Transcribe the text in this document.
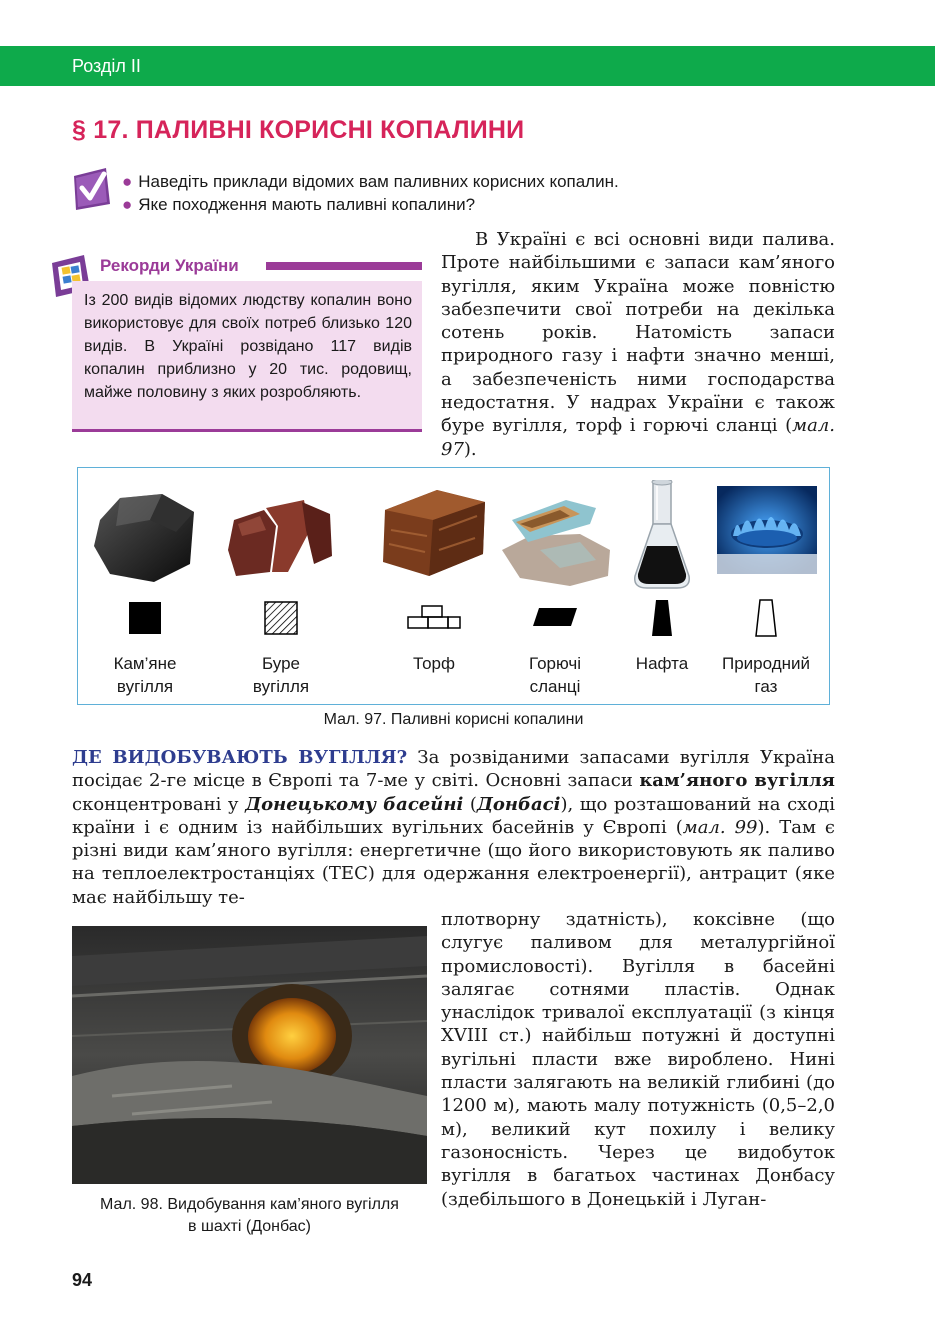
Розділ II
§ 17. ПАЛИВНІ КОРИСНІ КОПАЛИНИ
● Наведіть приклади відомих вам паливних корисних копалин.
● Яке походження мають паливні копалини?
Рекорди України

Із 200 видів відомих людству копалин воно використовує для своїх потреб близько 120 видів. В Україні розвідано 117 видів копалин приблизно у 20 тис. родовищ, майже половину з яких розробляють.

В Україні є всі основні види палива. Проте найбільшими є запаси кам’яного вугілля, яким Україна може повністю забезпечити свої потреби на декілька сотень років. Натомість запаси природного газу і нафти значно менші, а забезпеченість ними господарства недостатня. У надрах України є також буре вугілля, торф і горючі сланці (мал. 97).
Кам’яне
вугілля
Буре
вугілля
Торф	Горючі
сланці
Нафта	Природний
газ
Мал. 97. Паливні корисні копалини
ДЕ ВИДОБУВАЮТЬ ВУГІЛЛЯ? За розвіданими запасами вугілля Україна посідає 2-ге місце в Європі та 7-ме у світі. Основні запаси кам’яного вугілля сконцентровані у Донецькому басейні (Донбасі), що розташований на сході країни і є одним із найбільших вугільних басейнів у Європі (мал. 99). Там є різні види кам’яного вугілля: енергетичне (що його використовують як паливо на теплоелектростанціях (ТЕС) для одержання електроенергії), антрацит (яке має найбільшу те-
плотворну здатність), коксівне (що слугує паливом для металургійної промисловості). Вугілля в басейні залягає сотнями пластів. Однак унаслідок тривалої експлуатації (з кінця XVIII ст.) найбільш потужні й доступні вугільні пласти вже вироблено. Нині пласти залягають на великій глибині (до 1200 м), мають малу потужність (0,5–2,0 м), великий кут похилу і велику газоносність. Через це видобуток вугілля в багатьох частинах Донбасу (здебільшого в Донецькій і Луган-
Мал. 98. Видобування кам’яного вугілля
в шахті (Донбас)
94
